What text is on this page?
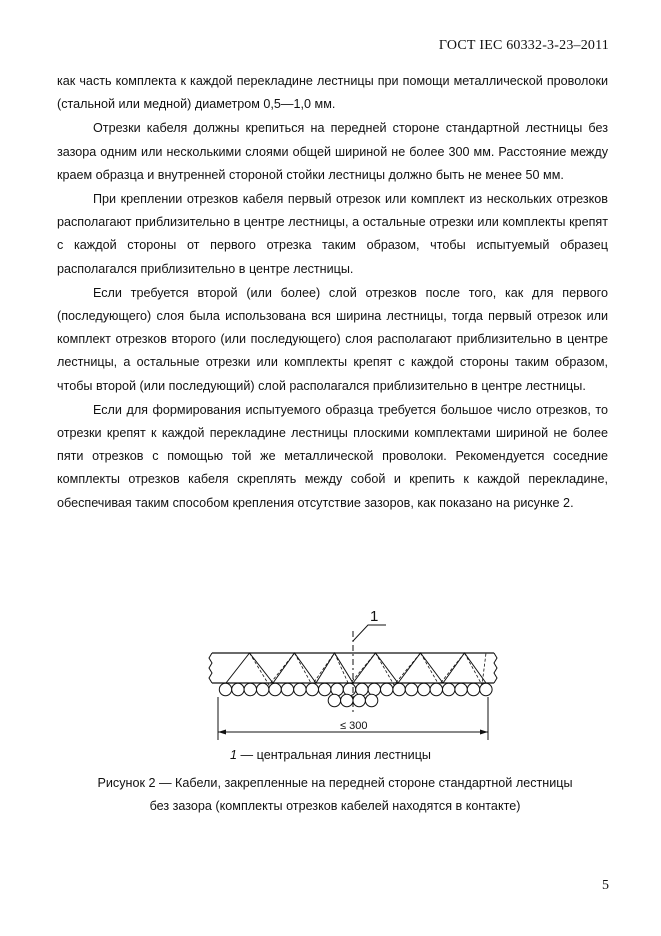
ГОСТ IEC 60332-3-23–2011

как часть комплекта к каждой перекладине лестницы при помощи металлической проволоки (стальной или медной) диаметром 0,5—1,0 мм.

Отрезки кабеля должны крепиться на передней стороне стандартной лестницы без зазора одним или несколькими слоями общей шириной не более 300 мм. Расстояние между краем образца и внутренней стороной стойки лестницы должно быть не менее 50 мм.

При креплении отрезков кабеля первый отрезок или комплект из нескольких отрезков располагают приблизительно в центре лестницы, а остальные отрезки или комплекты крепят с каждой стороны от первого отрезка таким образом, чтобы испытуемый образец располагался приблизительно в центре лестницы.

Если требуется второй (или более) слой отрезков после того, как для первого (последующего) слоя была использована вся ширина лестницы, тогда первый отрезок или комплект отрезков второго (или последующего) слоя располагают приблизительно в центре лестницы, а остальные отрезки или комплекты крепят с каждой стороны таким образом, чтобы второй (или последующий) слой располагался приблизительно в центре лестницы.

Если для формирования испытуемого образца требуется большое число отрезков, то отрезки крепят к каждой перекладине лестницы плоскими комплектами шириной не более пяти отрезков с помощью той же металлической проволоки. Рекомендуется соседние комплекты отрезков кабеля скреплять между собой и крепить к каждой перекладине, обеспечивая таким способом крепления отсутствие зазоров, как показано на рисунке 2.

1
≤ 300
1 — центральная линия лестницы
Рисунок 2 — Кабели, закрепленные на передней стороне стандартной лестницы
без зазора (комплекты отрезков кабелей находятся в контакте)
5
